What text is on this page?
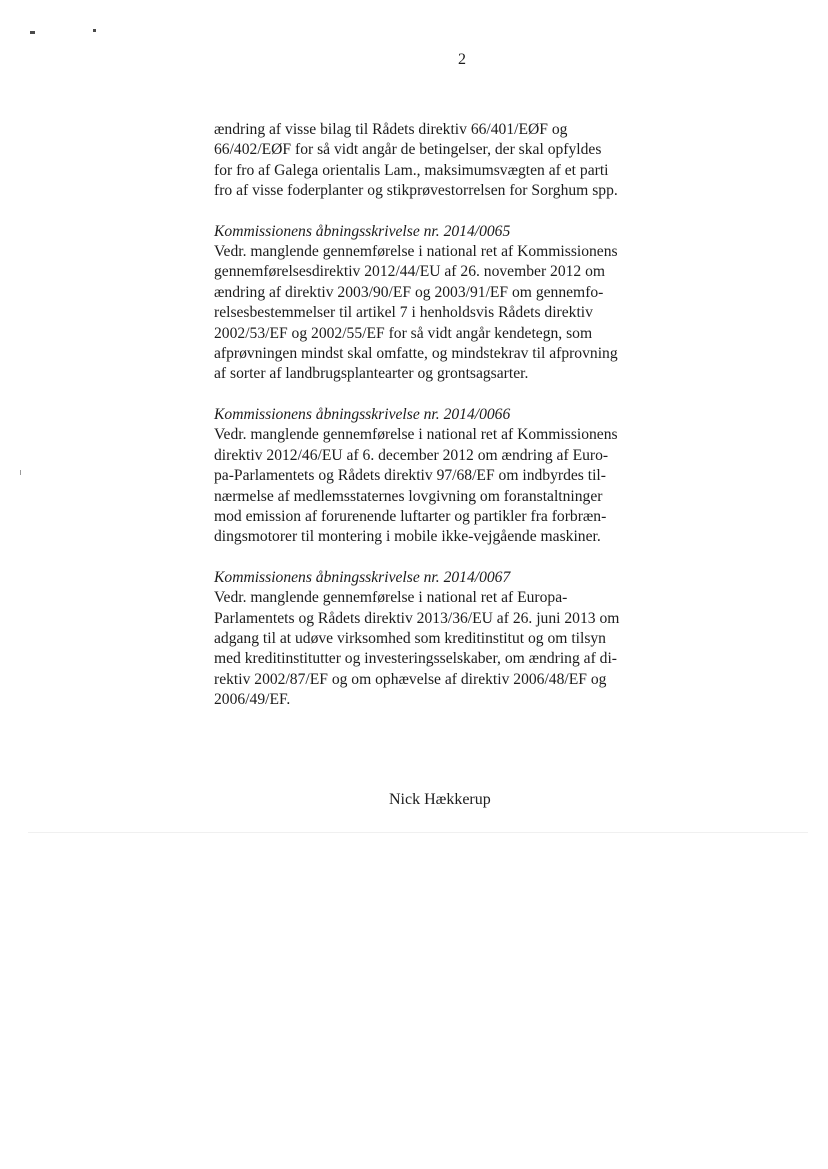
2

ændring af visse bilag til Rådets direktiv 66/401/EØF og
66/402/EØF for så vidt angår de betingelser, der skal opfyldes
for fro af Galega orientalis Lam., maksimumsvægten af et parti
fro af visse foderplanter og stikprøvestorrelsen for Sorghum spp.

Kommissionens åbningsskrivelse nr. 2014/0065
Vedr. manglende gennemførelse i national ret af Kommissionens
gennemførelsesdirektiv 2012/44/EU af 26. november 2012 om
ændring af direktiv 2003/90/EF og 2003/91/EF om gennemfo-
relsesbestemmelser til artikel 7 i henholdsvis Rådets direktiv
2002/53/EF og 2002/55/EF for så vidt angår kendetegn, som
afprøvningen mindst skal omfatte, og mindstekrav til afprovning
af sorter af landbrugsplantearter og grontsagsarter.

Kommissionens åbningsskrivelse nr. 2014/0066
Vedr. manglende gennemførelse i national ret af Kommissionens
direktiv 2012/46/EU af 6. december 2012 om ændring af Euro-
pa-Parlamentets og Rådets direktiv 97/68/EF om indbyrdes til-
nærmelse af medlemsstaternes lovgivning om foranstaltninger
mod emission af forurenende luftarter og partikler fra forbræn-
dingsmotorer til montering i mobile ikke-vejgående maskiner.

Kommissionens åbningsskrivelse nr. 2014/0067
Vedr. manglende gennemførelse i national ret af Europa-
Parlamentets og Rådets direktiv 2013/36/EU af 26. juni 2013 om
adgang til at udøve virksomhed som kreditinstitut og om tilsyn
med kreditinstitutter og investeringsselskaber, om ændring af di-
rektiv 2002/87/EF og om ophævelse af direktiv 2006/48/EF og
2006/49/EF.

Nick Hækkerup
